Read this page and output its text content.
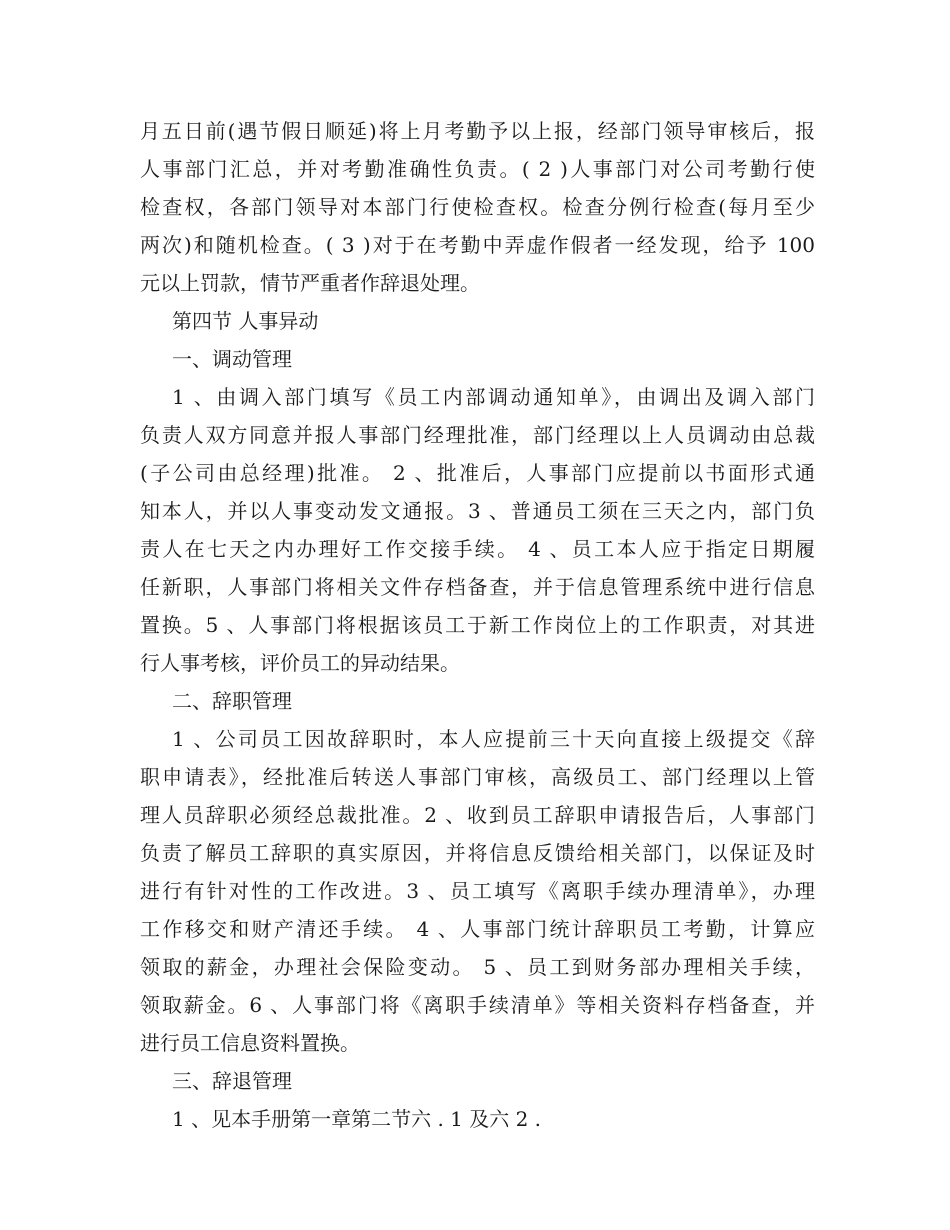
月五日前(遇节假日顺延)将上月考勤予以上报，经部门领导审核后，报
人事部门汇总，并对考勤准确性负责。( 2 )人事部门对公司考勤行使
检查权，各部门领导对本部门行使检查权。检查分例行检查(每月至少
两次)和随机检查。( 3 )对于在考勤中弄虚作假者一经发现，给予 100
元以上罚款，情节严重者作辞退处理。
第四节 人事异动
一、调动管理
1 、由调入部门填写《员工内部调动通知单》，由调出及调入部门
负责人双方同意并报人事部门经理批准，部门经理以上人员调动由总裁
(子公司由总经理)批准。 2 、批准后，人事部门应提前以书面形式通
知本人，并以人事变动发文通报。3 、普通员工须在三天之内，部门负
责人在七天之内办理好工作交接手续。 4 、员工本人应于指定日期履
任新职，人事部门将相关文件存档备查，并于信息管理系统中进行信息
置换。5 、人事部门将根据该员工于新工作岗位上的工作职责，对其进
行人事考核，评价员工的异动结果。
二、辞职管理
1 、公司员工因故辞职时，本人应提前三十天向直接上级提交《辞
职申请表》，经批准后转送人事部门审核，高级员工、部门经理以上管
理人员辞职必须经总裁批准。2 、收到员工辞职申请报告后，人事部门
负责了解员工辞职的真实原因，并将信息反馈给相关部门，以保证及时
进行有针对性的工作改进。3 、员工填写《离职手续办理清单》，办理
工作移交和财产清还手续。 4 、人事部门统计辞职员工考勤，计算应
领取的薪金，办理社会保险变动。 5 、员工到财务部办理相关手续，
领取薪金。6 、人事部门将《离职手续清单》等相关资料存档备查，并
进行员工信息资料置换。
三、辞退管理
1 、见本手册第一章第二节六 . 1 及六 2 .
